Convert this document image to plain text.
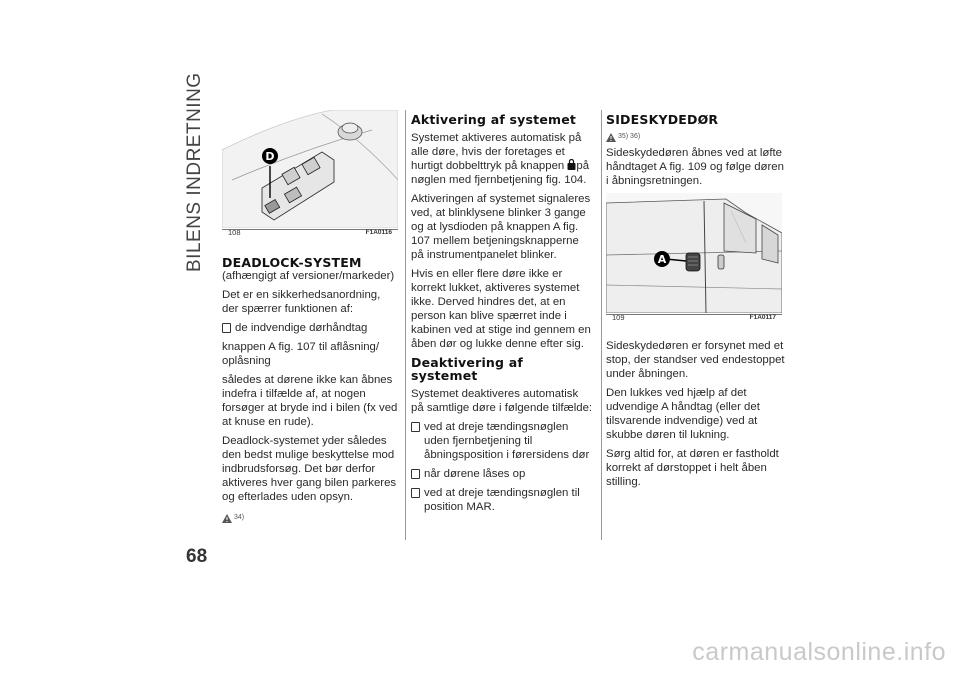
BILENS INDRETNING
68
D
108	F1A0116
DEADLOCK-SYSTEM

(afhængigt af versioner/markeder)

Det er en sikkerhedsanordning, der spærrer funktionen af:

de indvendige dørhåndtag

knappen A fig. 107 til aflåsning/ oplåsning

således at dørene ikke kan åbnes indefra i tilfælde af, at nogen forsøger at bryde ind i bilen (fx ved at knuse en rude).

Deadlock-systemet yder således den bedst mulige beskyttelse mod indbrudsforsøg. Det bør derfor aktiveres hver gang bilen parkeres og efterlades uden opsyn.

34)
Aktivering af systemet

Systemet aktiveres automatisk på alle døre, hvis der foretages et hurtigt dobbelttryk på knappen på nøglen med fjernbetjening fig. 104.

Aktiveringen af systemet signaleres ved, at blinklysene blinker 3 gange og at lysdioden på knappen A fig. 107 mellem betjeningsknapperne på instrumentpanelet blinker.

Hvis en eller flere døre ikke er korrekt lukket, aktiveres systemet ikke. Derved hindres det, at en person kan blive spærret inde i kabinen ved at stige ind gennem en åben dør og lukke denne efter sig.

Deaktivering af
systemet

Systemet deaktiveres automatisk på samtlige døre i følgende tilfælde:

ved at dreje tændingsnøglen uden fjernbetjening til åbningsposition i førersidens dør
når dørene låses op
ved at dreje tændingsnøglen til position MAR.
SIDESKYDEDØR
35) 36)

Sideskydedøren åbnes ved at løfte håndtaget A fig. 109 og følge døren i åbningsretningen.

A
109	F1A0117

Sideskydedøren er forsynet med et stop, der standser ved endestoppet under åbningen.

Den lukkes ved hjælp af det udvendige A håndtag (eller det tilsvarende indvendige) ved at skubbe døren til lukning.

Sørg altid for, at døren er fastholdt korrekt af dørstoppet i helt åben stilling.

carmanualsonline.info
